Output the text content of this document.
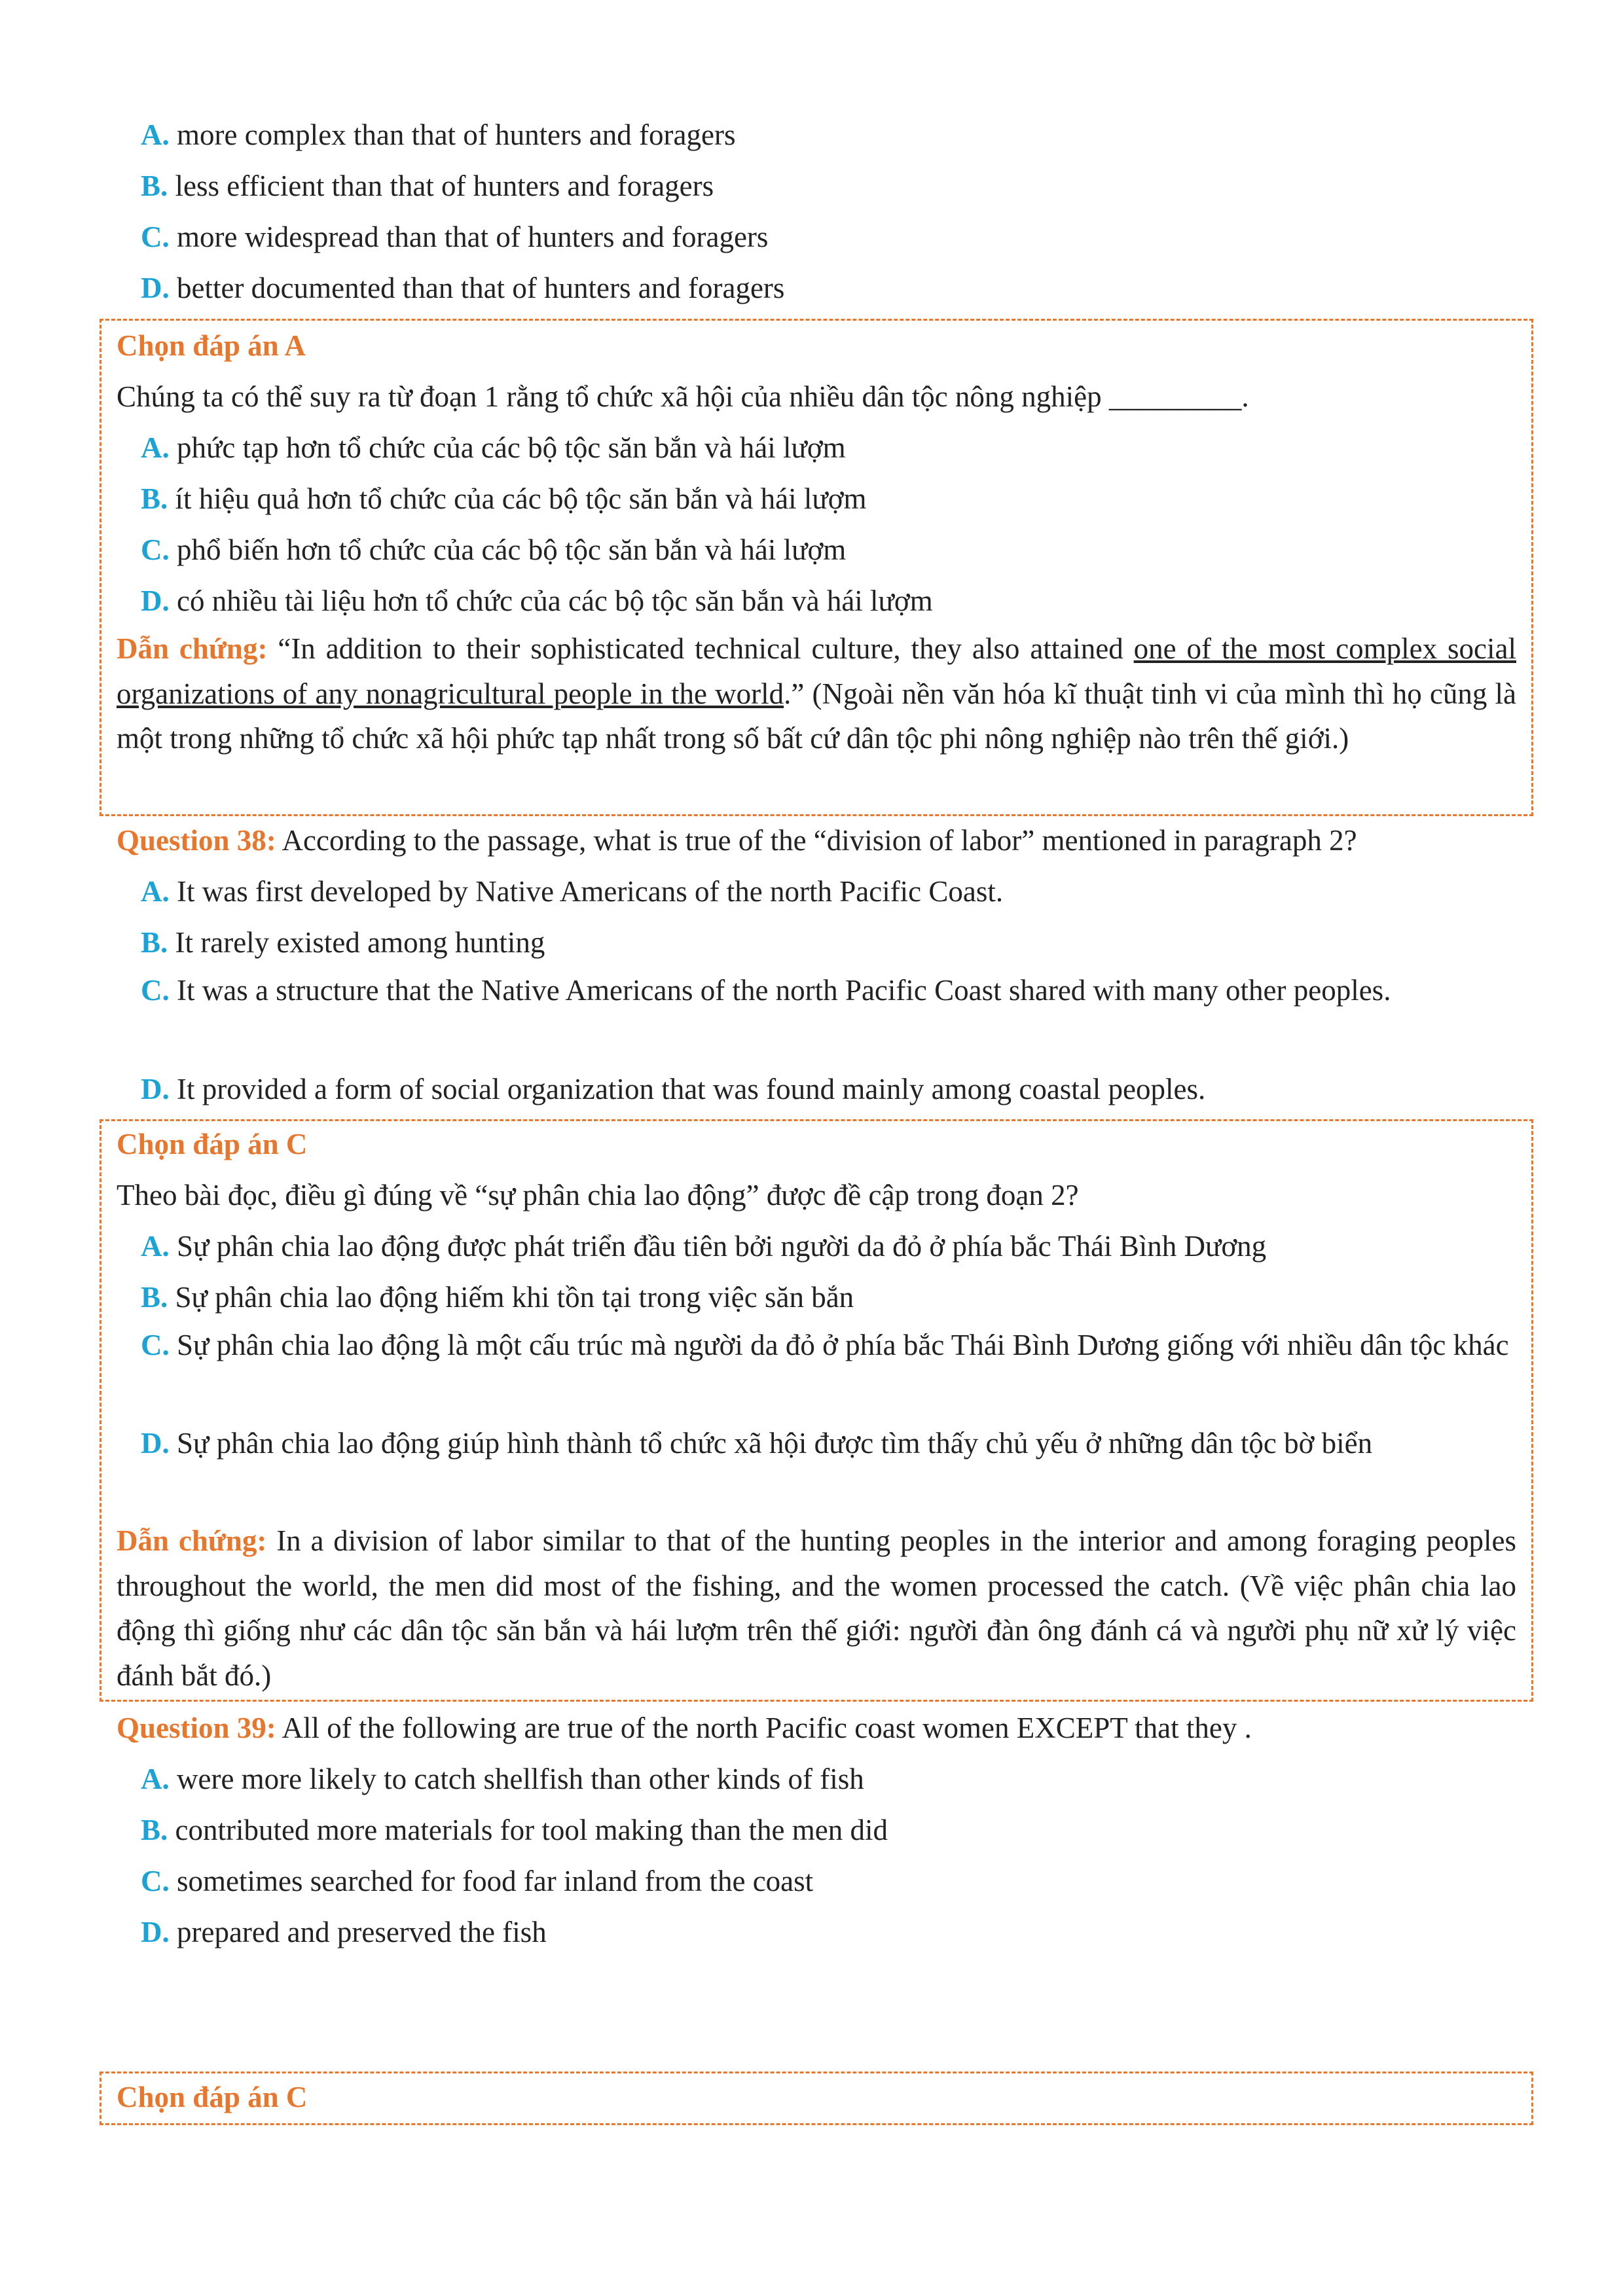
A. more complex than that of hunters and foragers
B. less efficient than that of hunters and foragers
C. more widespread than that of hunters and foragers
D. better documented than that of hunters and foragers
Chọn đáp án A
Chúng ta có thể suy ra từ đoạn 1 rằng tổ chức xã hội của nhiều dân tộc nông nghiệp _________.
A. phức tạp hơn tổ chức của các bộ tộc săn bắn và hái lượm
B. ít hiệu quả hơn tổ chức của các bộ tộc săn bắn và hái lượm
C. phổ biến hơn tổ chức của các bộ tộc săn bắn và hái lượm
D. có nhiều tài liệu hơn tổ chức của các bộ tộc săn bắn và hái lượm
Dẫn chứng: “In addition to their sophisticated technical culture, they also attained one of the most complex social organizations of any nonagricultural people in the world.” (Ngoài nền văn hóa kĩ thuật tinh vi của mình thì họ cũng là một trong những tổ chức xã hội phức tạp nhất trong số bất cứ dân tộc phi nông nghiệp nào trên thế giới.)
Question 38: According to the passage, what is true of the “division of labor” mentioned in paragraph 2?
A. It was first developed by Native Americans of the north Pacific Coast.
B. It rarely existed among hunting
C. It was a structure that the Native Americans of the north Pacific Coast shared with many other peoples.
D. It provided a form of social organization that was found mainly among coastal peoples.
Chọn đáp án C
Theo bài đọc, điều gì đúng về “sự phân chia lao động” được đề cập trong đoạn 2?
A. Sự phân chia lao động được phát triển đầu tiên bởi người da đỏ ở phía bắc Thái Bình Dương
B. Sự phân chia lao động hiếm khi tồn tại trong việc săn bắn
C. Sự phân chia lao động là một cấu trúc mà người da đỏ ở phía bắc Thái Bình Dương giống với nhiều dân tộc khác
D. Sự phân chia lao động giúp hình thành tổ chức xã hội được tìm thấy chủ yếu ở những dân tộc bờ biển
Dẫn chứng: In a division of labor similar to that of the hunting peoples in the interior and among foraging peoples throughout the world, the men did most of the fishing, and the women processed the catch. (Về việc phân chia lao động thì giống như các dân tộc săn bắn và hái lượm trên thế giới: người đàn ông đánh cá và người phụ nữ xử lý việc đánh bắt đó.)
Question 39: All of the following are true of the north Pacific coast women EXCEPT that they .
A. were more likely to catch shellfish than other kinds of fish
B. contributed more materials for tool making than the men did
C. sometimes searched for food far inland from the coast
D. prepared and preserved the fish
Chọn đáp án C
